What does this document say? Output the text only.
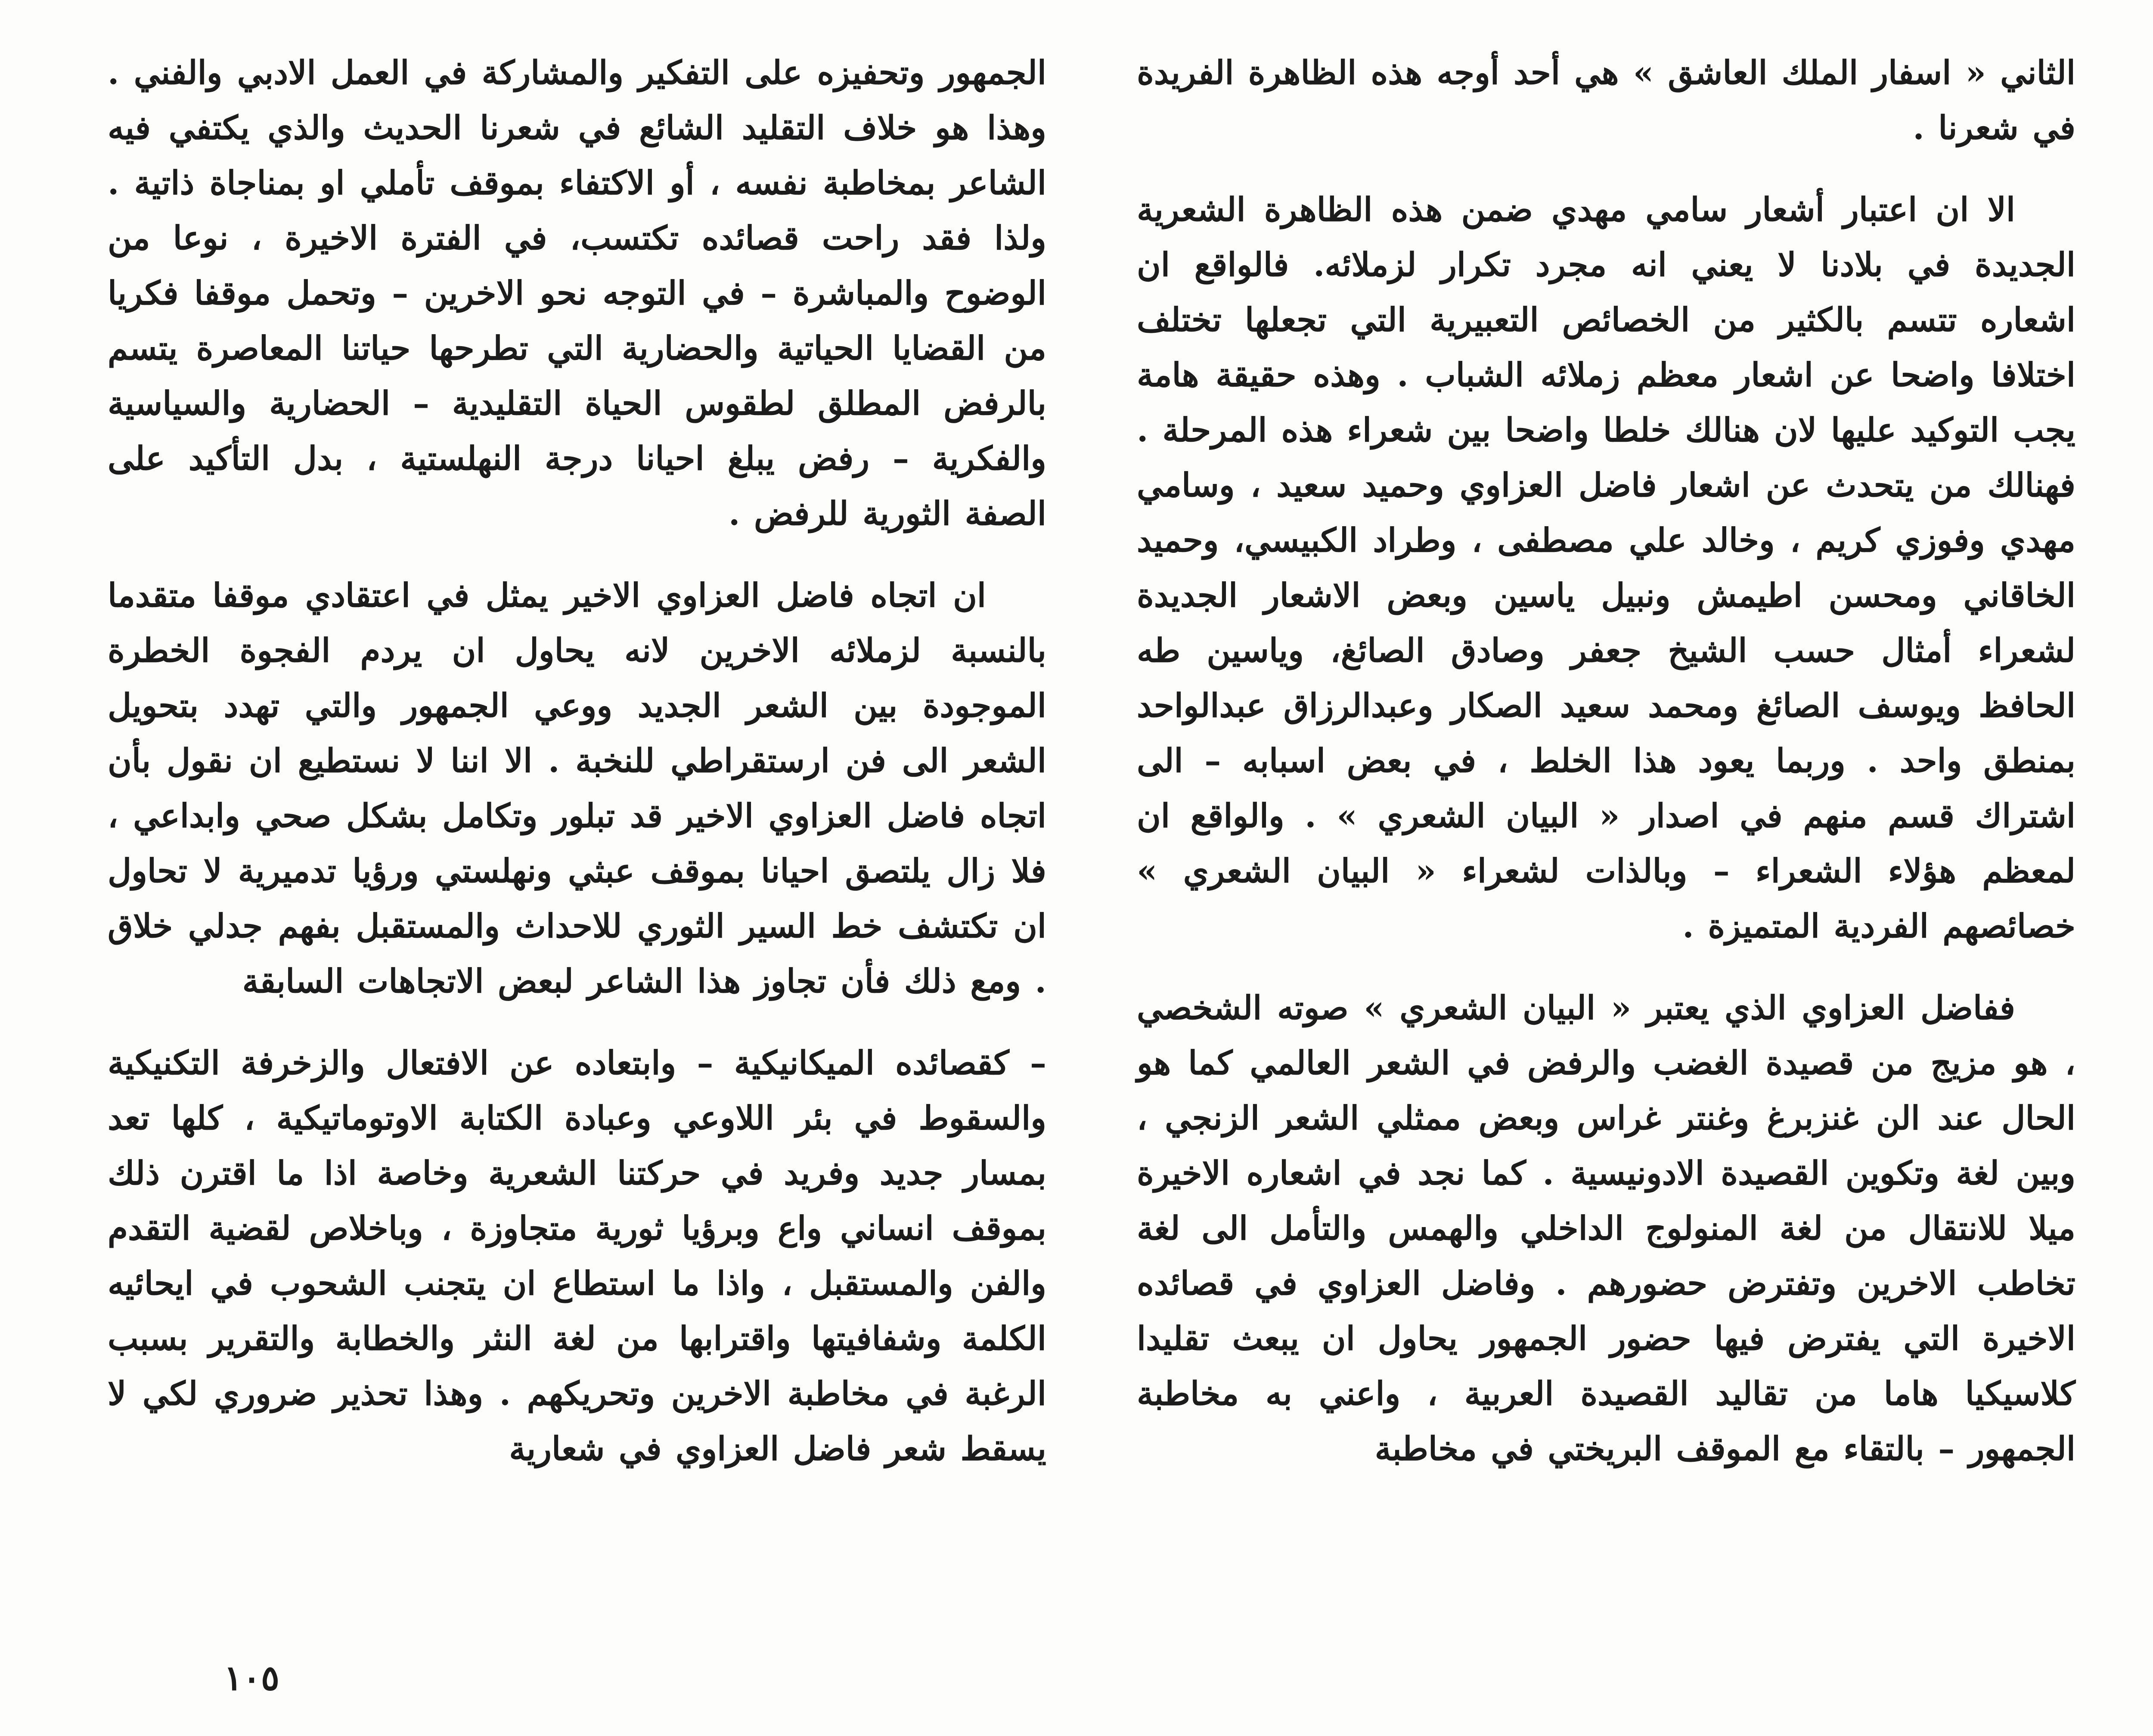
الثاني « اسفار الملك العاشق » هي أحد أوجه هذه الظاهرة الفريدة في شعرنا .

الا ان اعتبار أشعار سامي مهدي ضمن هذه الظاهرة الشعرية الجديدة في بلادنا لا يعني انه مجرد تكرار لزملائه. فالواقع ان اشعاره تتسم بالكثير من الخصائص التعبيرية التي تجعلها تختلف اختلافا واضحا عن اشعار معظم زملائه الشباب . وهذه حقيقة هامة يجب التوكيد عليها لان هنالك خلطا واضحا بين شعراء هذه المرحلة . فهنالك من يتحدث عن اشعار فاضل العزاوي وحميد سعيد ، وسامي مهدي وفوزي كريم ، وخالد علي مصطفى ، وطراد الكبيسي، وحميد الخاقاني ومحسن اطيمش ونبيل ياسين وبعض الاشعار الجديدة لشعراء أمثال حسب الشيخ جعفر وصادق الصائغ، وياسين طه الحافظ ويوسف الصائغ ومحمد سعيد الصكار وعبدالرزاق عبدالواحد بمنطق واحد . وربما يعود هذا الخلط ، في بعض اسبابه – الى اشتراك قسم منهم في اصدار « البيان الشعري » . والواقع ان لمعظم هؤلاء الشعراء – وبالذات لشعراء « البيان الشعري » خصائصهم الفردية المتميزة .

ففاضل العزاوي الذي يعتبر « البيان الشعري » صوته الشخصي ، هو مزيج من قصيدة الغضب والرفض في الشعر العالمي كما هو الحال عند الن غنزبرغ وغنتر غراس وبعض ممثلي الشعر الزنجي ، وبين لغة وتكوين القصيدة الادونيسية . كما نجد في اشعاره الاخيرة ميلا للانتقال من لغة المنولوج الداخلي والهمس والتأمل الى لغة تخاطب الاخرين وتفترض حضورهم . وفاضل العزاوي في قصائده الاخيرة التي يفترض فيها حضور الجمهور يحاول ان يبعث تقليدا كلاسيكيا هاما من تقاليد القصيدة العربية ، واعني به مخاطبة الجمهور – بالتقاء مع الموقف البريختي في مخاطبة

الجمهور وتحفيزه على التفكير والمشاركة في العمل الادبي والفني . وهذا هو خلاف التقليد الشائع في شعرنا الحديث والذي يكتفي فيه الشاعر بمخاطبة نفسه ، أو الاكتفاء بموقف تأملي او بمناجاة ذاتية . ولذا فقد راحت قصائده تكتسب، في الفترة الاخيرة ، نوعا من الوضوح والمباشرة – في التوجه نحو الاخرين – وتحمل موقفا فكريا من القضايا الحياتية والحضارية التي تطرحها حياتنا المعاصرة يتسم بالرفض المطلق لطقوس الحياة التقليدية – الحضارية والسياسية والفكرية – رفض يبلغ احيانا درجة النهلستية ، بدل التأكيد على الصفة الثورية للرفض .

ان اتجاه فاضل العزاوي الاخير يمثل في اعتقادي موقفا متقدما بالنسبة لزملائه الاخرين لانه يحاول ان يردم الفجوة الخطرة الموجودة بين الشعر الجديد ووعي الجمهور والتي تهدد بتحويل الشعر الى فن ارستقراطي للنخبة . الا اننا لا نستطيع ان نقول بأن اتجاه فاضل العزاوي الاخير قد تبلور وتكامل بشكل صحي وابداعي ، فلا زال يلتصق احيانا بموقف عبثي ونهلستي ورؤيا تدميرية لا تحاول ان تكتشف خط السير الثوري للاحداث والمستقبل بفهم جدلي خلاق . ومع ذلك فأن تجاوز هذا الشاعر لبعض الاتجاهات السابقة

– كقصائده الميكانيكية – وابتعاده عن الافتعال والزخرفة التكنيكية والسقوط في بئر اللاوعي وعبادة الكتابة الاوتوماتيكية ، كلها تعد بمسار جديد وفريد في حركتنا الشعرية وخاصة اذا ما اقترن ذلك بموقف انساني واع وبرؤيا ثورية متجاوزة ، وباخلاص لقضية التقدم والفن والمستقبل ، واذا ما استطاع ان يتجنب الشحوب في ايحائيه الكلمة وشفافيتها واقترابها من لغة النثر والخطابة والتقرير بسبب الرغبة في مخاطبة الاخرين وتحريكهم . وهذا تحذير ضروري لكي لا يسقط شعر فاضل العزاوي في شعارية

١٠٥
